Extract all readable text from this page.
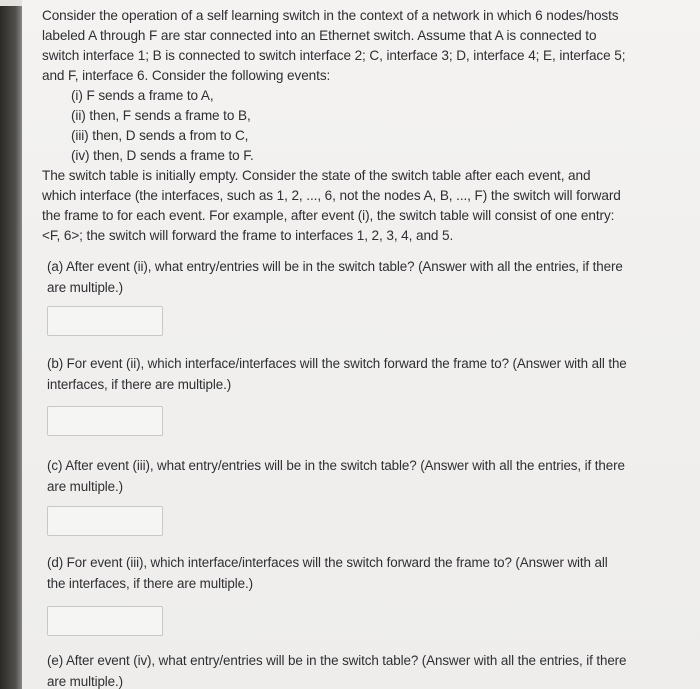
Consider the operation of a self learning switch in the context of a network in which 6 nodes/hosts labeled A through F are star connected into an Ethernet switch. Assume that A is connected to switch interface 1; B is connected to switch interface 2; C, interface 3; D, interface 4; E, interface 5; and F, interface 6. Consider the following events:

(i) F sends a frame to A,
(ii) then, F sends a frame to B,
(iii) then, D sends a from to C,
(iv) then, D sends a frame to F.

The switch table is initially empty. Consider the state of the switch table after each event, and which interface (the interfaces, such as 1, 2, ..., 6, not the nodes A, B, ..., F) the switch will forward the frame to for each event. For example, after event (i), the switch table will consist of one entry: <F, 6>; the switch will forward the frame to interfaces 1, 2, 3, 4, and 5.

(a) After event (ii), what entry/entries will be in the switch table? (Answer with all the entries, if there are multiple.)
(b) For event (ii), which interface/interfaces will the switch forward the frame to? (Answer with all the interfaces, if there are multiple.)
(c) After event (iii), what entry/entries will be in the switch table? (Answer with all the entries, if there are multiple.)
(d) For event (iii), which interface/interfaces will the switch forward the frame to? (Answer with all the interfaces, if there are multiple.)
(e) After event (iv), what entry/entries will be in the switch table? (Answer with all the entries, if there are multiple.)
